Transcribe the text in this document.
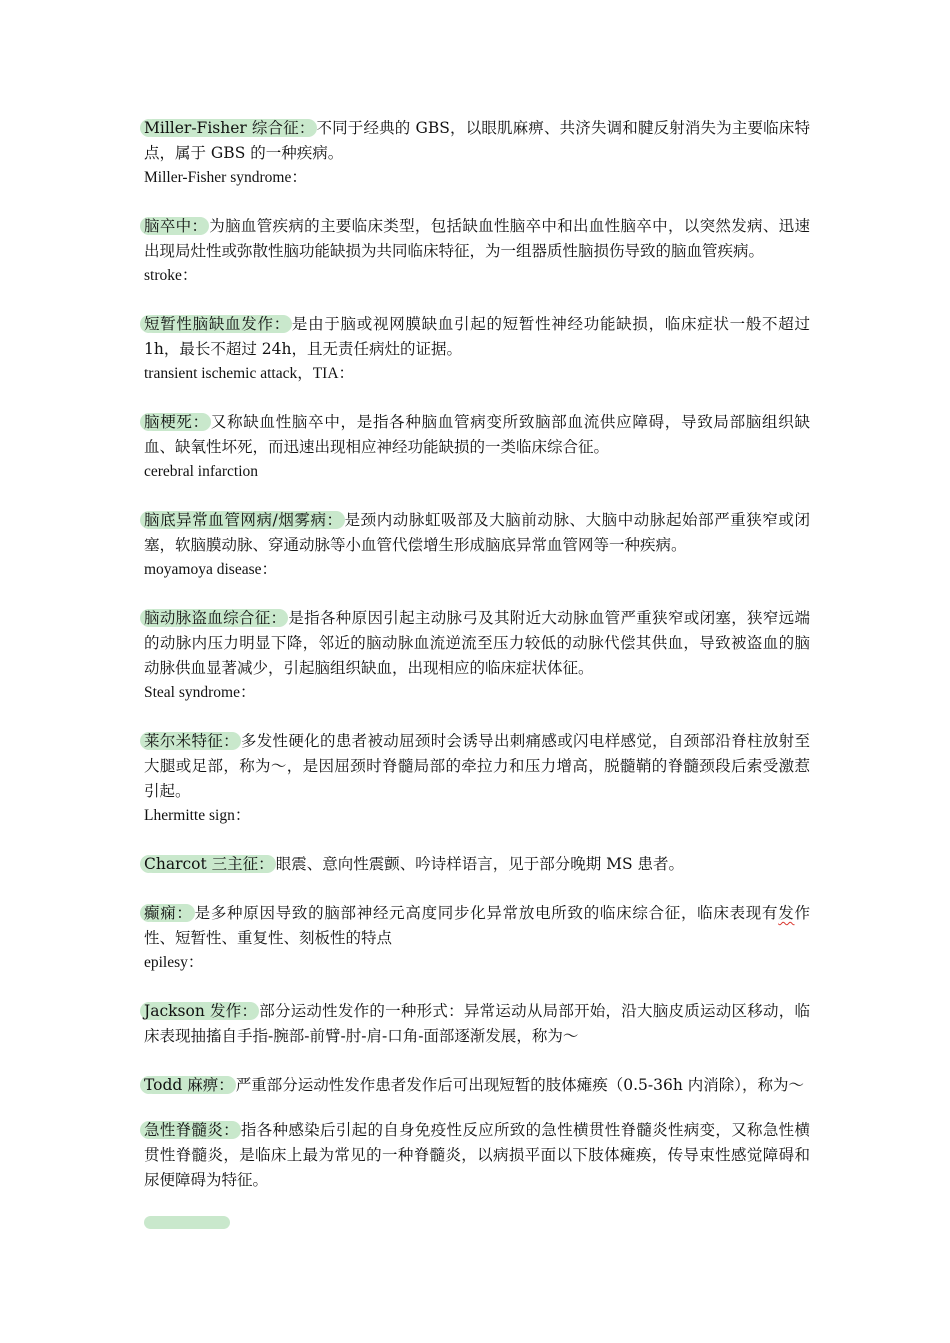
Miller-Fisher 综合征： 不同于经典的 GBS，以眼肌麻痹、共济失调和腱反射消失为主要临床特点，属于 GBS 的一种疾病。

Miller-Fisher syndrome：

脑卒中： 为脑血管疾病的主要临床类型，包括缺血性脑卒中和出血性脑卒中，以突然发病、迅速出现局灶性或弥散性脑功能缺损为共同临床特征，为一组器质性脑损伤导致的脑血管疾病。

stroke：

短暂性脑缺血发作： 是由于脑或视网膜缺血引起的短暂性神经功能缺损，临床症状一般不超过 1h，最长不超过 24h，且无责任病灶的证据。

transient ischemic attack，TIA：

脑梗死： 又称缺血性脑卒中，是指各种脑血管病变所致脑部血流供应障碍，导致局部脑组织缺血、缺氧性坏死，而迅速出现相应神经功能缺损的一类临床综合征。

cerebral infarction

脑底异常血管网病/烟雾病： 是颈内动脉虹吸部及大脑前动脉、大脑中动脉起始部严重狭窄或闭塞，软脑膜动脉、穿通动脉等小血管代偿增生形成脑底异常血管网等一种疾病。

moyamoya disease：

脑动脉盗血综合征： 是指各种原因引起主动脉弓及其附近大动脉血管严重狭窄或闭塞，狭窄远端的动脉内压力明显下降，邻近的脑动脉血流逆流至压力较低的动脉代偿其供血，导致被盗血的脑动脉供血显著减少，引起脑组织缺血，出现相应的临床症状体征。

Steal syndrome：

莱尔米特征： 多发性硬化的患者被动屈颈时会诱导出刺痛感或闪电样感觉，自颈部沿脊柱放射至大腿或足部，称为～，是因屈颈时脊髓局部的牵拉力和压力增高，脱髓鞘的脊髓颈段后索受激惹引起。

Lhermitte sign：

Charcot 三主征： 眼震、意向性震颤、吟诗样语言，见于部分晚期 MS 患者。

癫痫： 是多种原因导致的脑部神经元高度同步化异常放电所致的临床综合征，临床表现有发作性、短暂性、重复性、刻板性的特点

epilesy：

Jackson 发作： 部分运动性发作的一种形式：异常运动从局部开始，沿大脑皮质运动区移动，临床表现抽搐自手指-腕部-前臂-肘-肩-口角-面部逐渐发展，称为～

Todd 麻痹： 严重部分运动性发作患者发作后可出现短暂的肢体瘫痪（0.5-36h 内消除），称为～

急性脊髓炎： 指各种感染后引起的自身免疫性反应所致的急性横贯性脊髓炎性病变，又称急性横贯性脊髓炎，是临床上最为常见的一种脊髓炎，以病损平面以下肢体瘫痪，传导束性感觉障碍和尿便障碍为特征。
